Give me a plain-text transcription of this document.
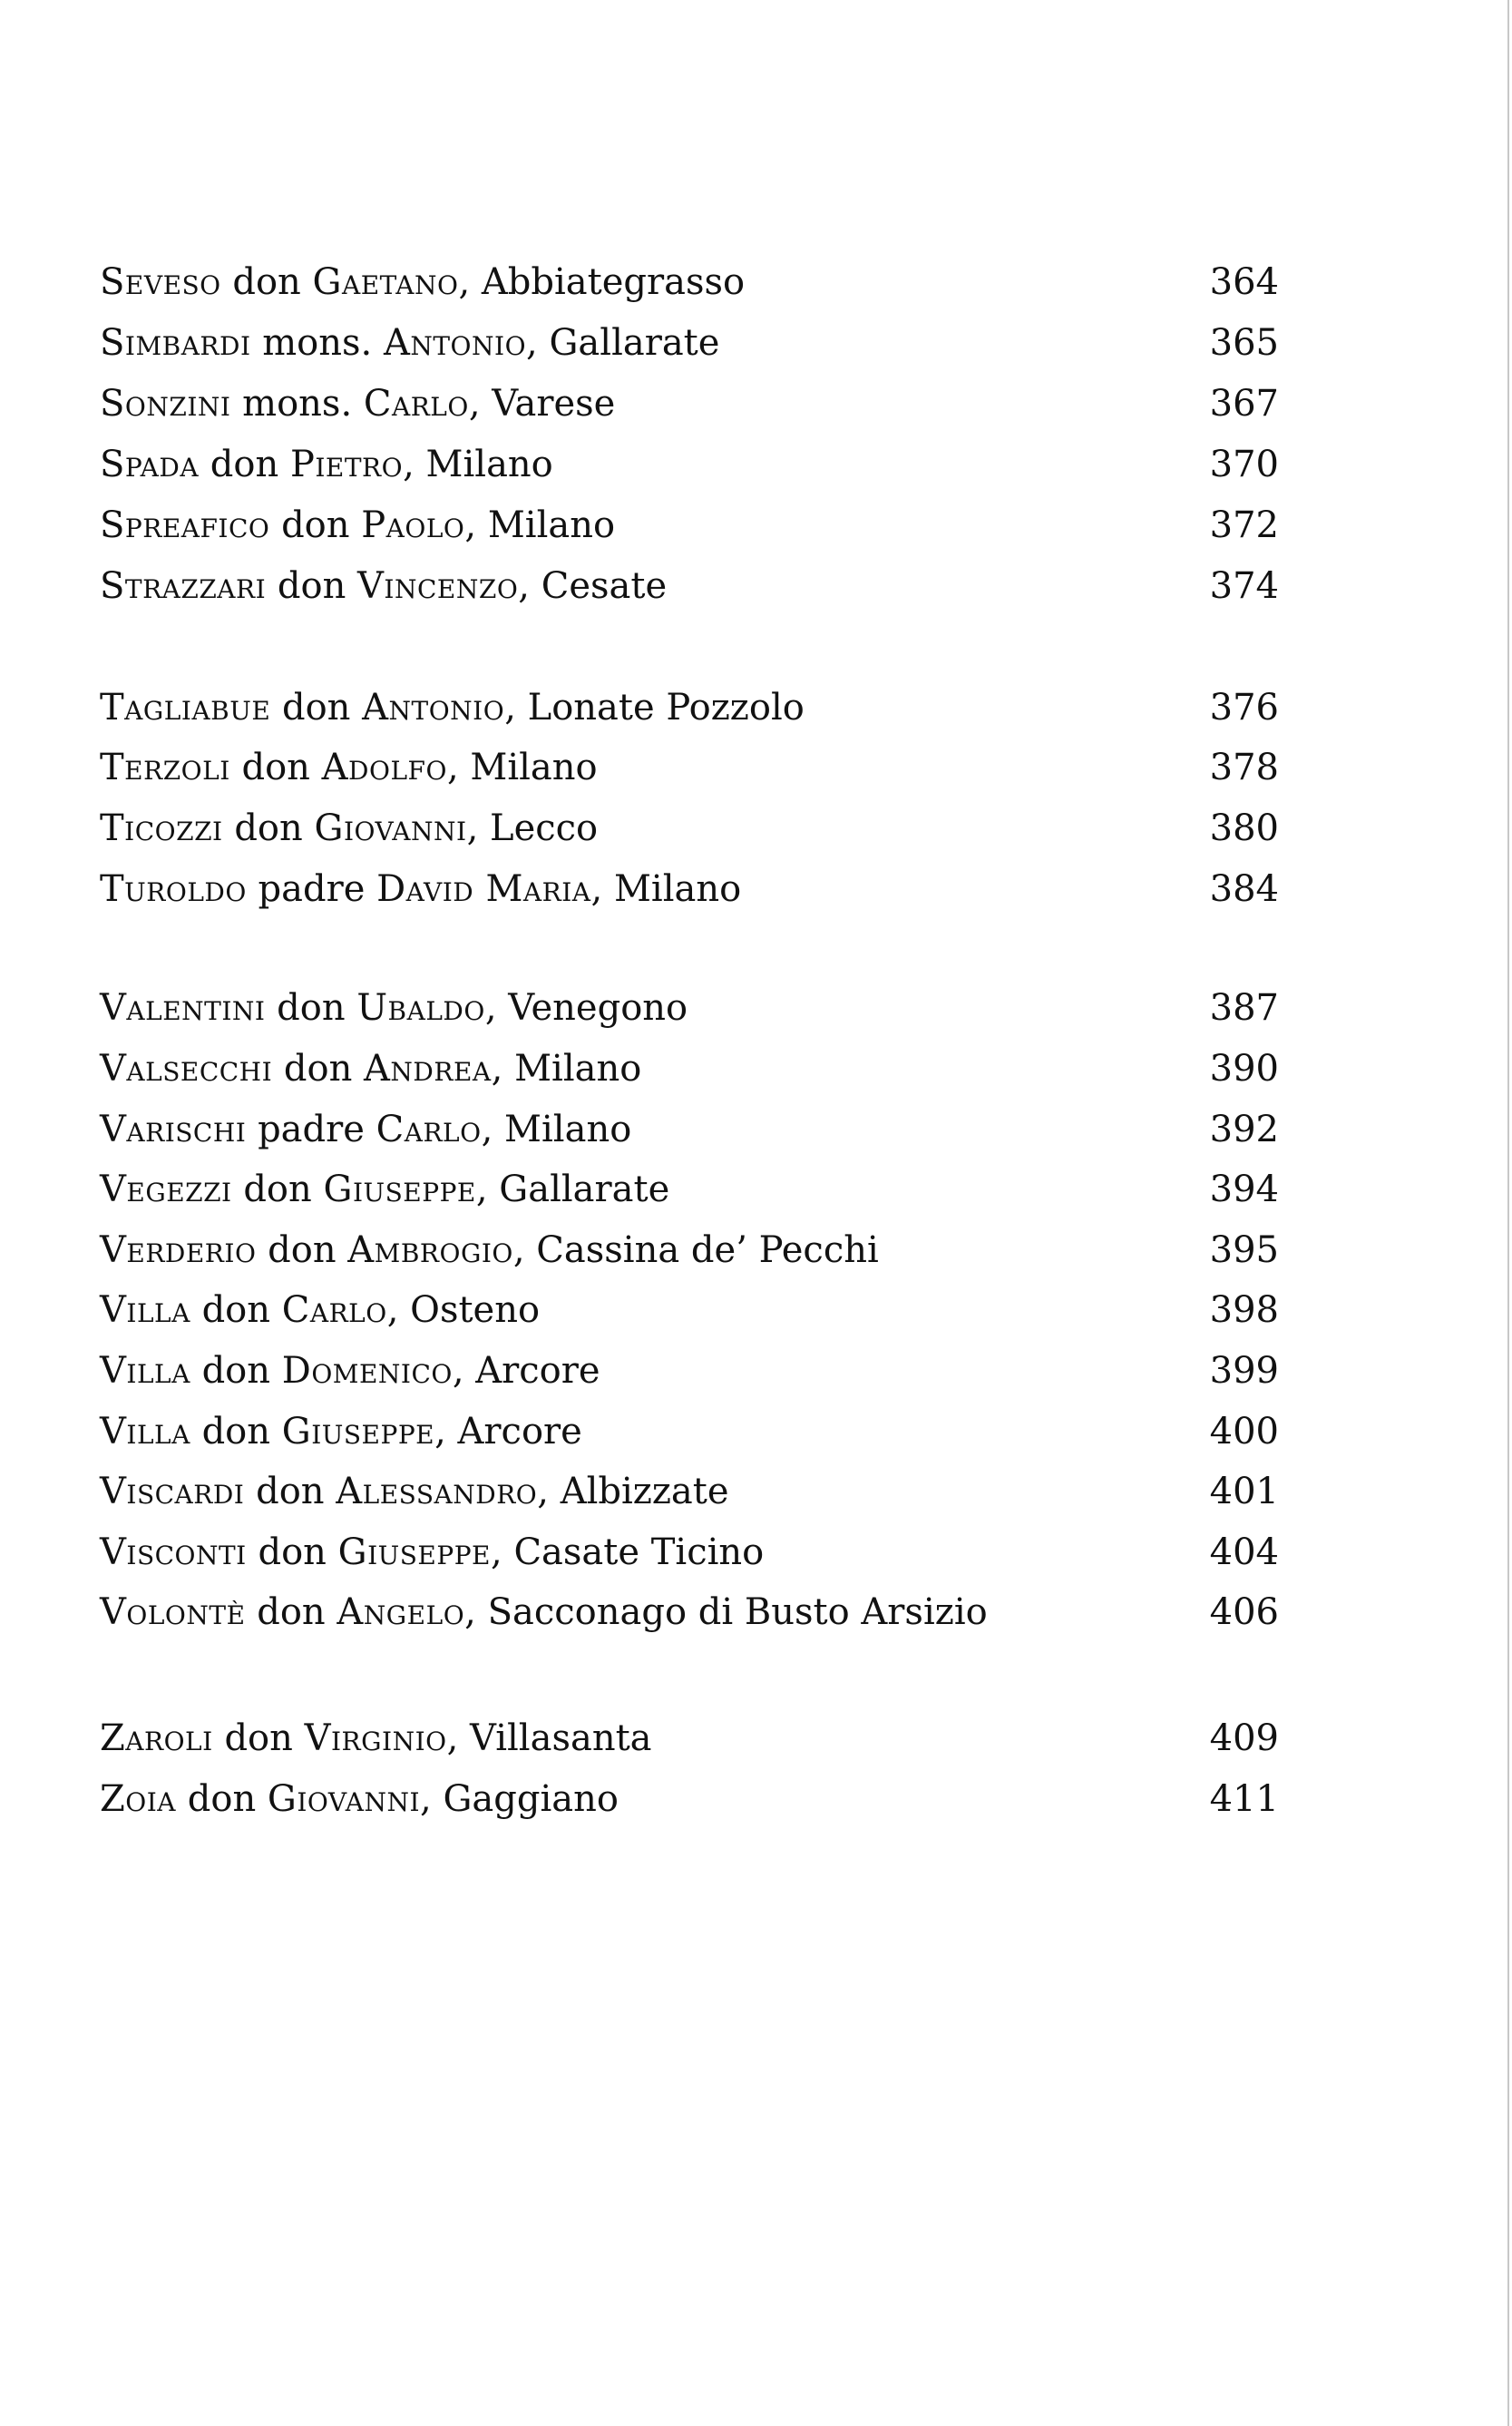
Seveso don Gaetano, Abbiategrasso	364
Simbardi mons. Antonio, Gallarate	365
Sonzini mons. Carlo, Varese	367
Spada don Pietro, Milano	370
Spreafico don Paolo, Milano	372
Strazzari don Vincenzo, Cesate	374
Tagliabue don Antonio, Lonate Pozzolo	376
Terzoli don Adolfo, Milano	378
Ticozzi don Giovanni, Lecco	380
Turoldo padre David Maria, Milano	384
Valentini don Ubaldo, Venegono	387
Valsecchi don Andrea, Milano	390
Varischi padre Carlo, Milano	392
Vegezzi don Giuseppe, Gallarate	394
Verderio don Ambrogio, Cassina de’ Pecchi	395
Villa don Carlo, Osteno	398
Villa don Domenico, Arcore	399
Villa don Giuseppe, Arcore	400
Viscardi don Alessandro, Albizzate	401
Visconti don Giuseppe, Casate Ticino	404
Volontè don Angelo, Sacconago di Busto Arsizio	406
Zaroli don Virginio, Villasanta	409
Zoia don Giovanni, Gaggiano	411
